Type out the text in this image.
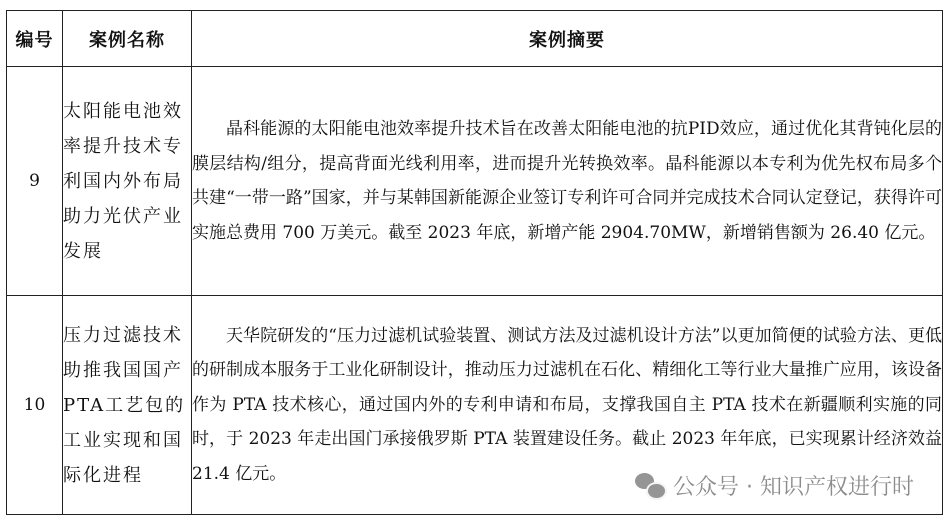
编号	案例名称	案例摘要
9	太阳能电池效率提升技术专利国内外布局助力光伏产业发展	晶科能源的太阳能电池效率提升技术旨在改善太阳能电池的抗PID效应，通过优化其背钝化层的膜层结构/组分，提高背面光线利用率，进而提升光转换效率。晶科能源以本专利为优先权布局多个共建“一带一路”国家，并与某韩国新能源企业签订专利许可合同并完成技术合同认定登记，获得许可实施总费用 700 万美元。截至 2023 年底，新增产能 2904.70MW，新增销售额为 26.40 亿元。
10	压力过滤技术助推我国国产PTA工艺包的工业实现和国际化进程	天华院研发的“压力过滤机试验装置、测试方法及过滤机设计方法”以更加简便的试验方法、更低的研制成本服务于工业化研制设计，推动压力过滤机在石化、精细化工等行业大量推广应用，该设备作为 PTA 技术核心，通过国内外的专利申请和布局，支撑我国自主 PTA 技术在新疆顺利实施的同时，于 2023 年走出国门承接俄罗斯 PTA 装置建设任务。截止 2023 年年底，已实现累计经济效益 21.4 亿元。
公众号 · 知识产权进行时
